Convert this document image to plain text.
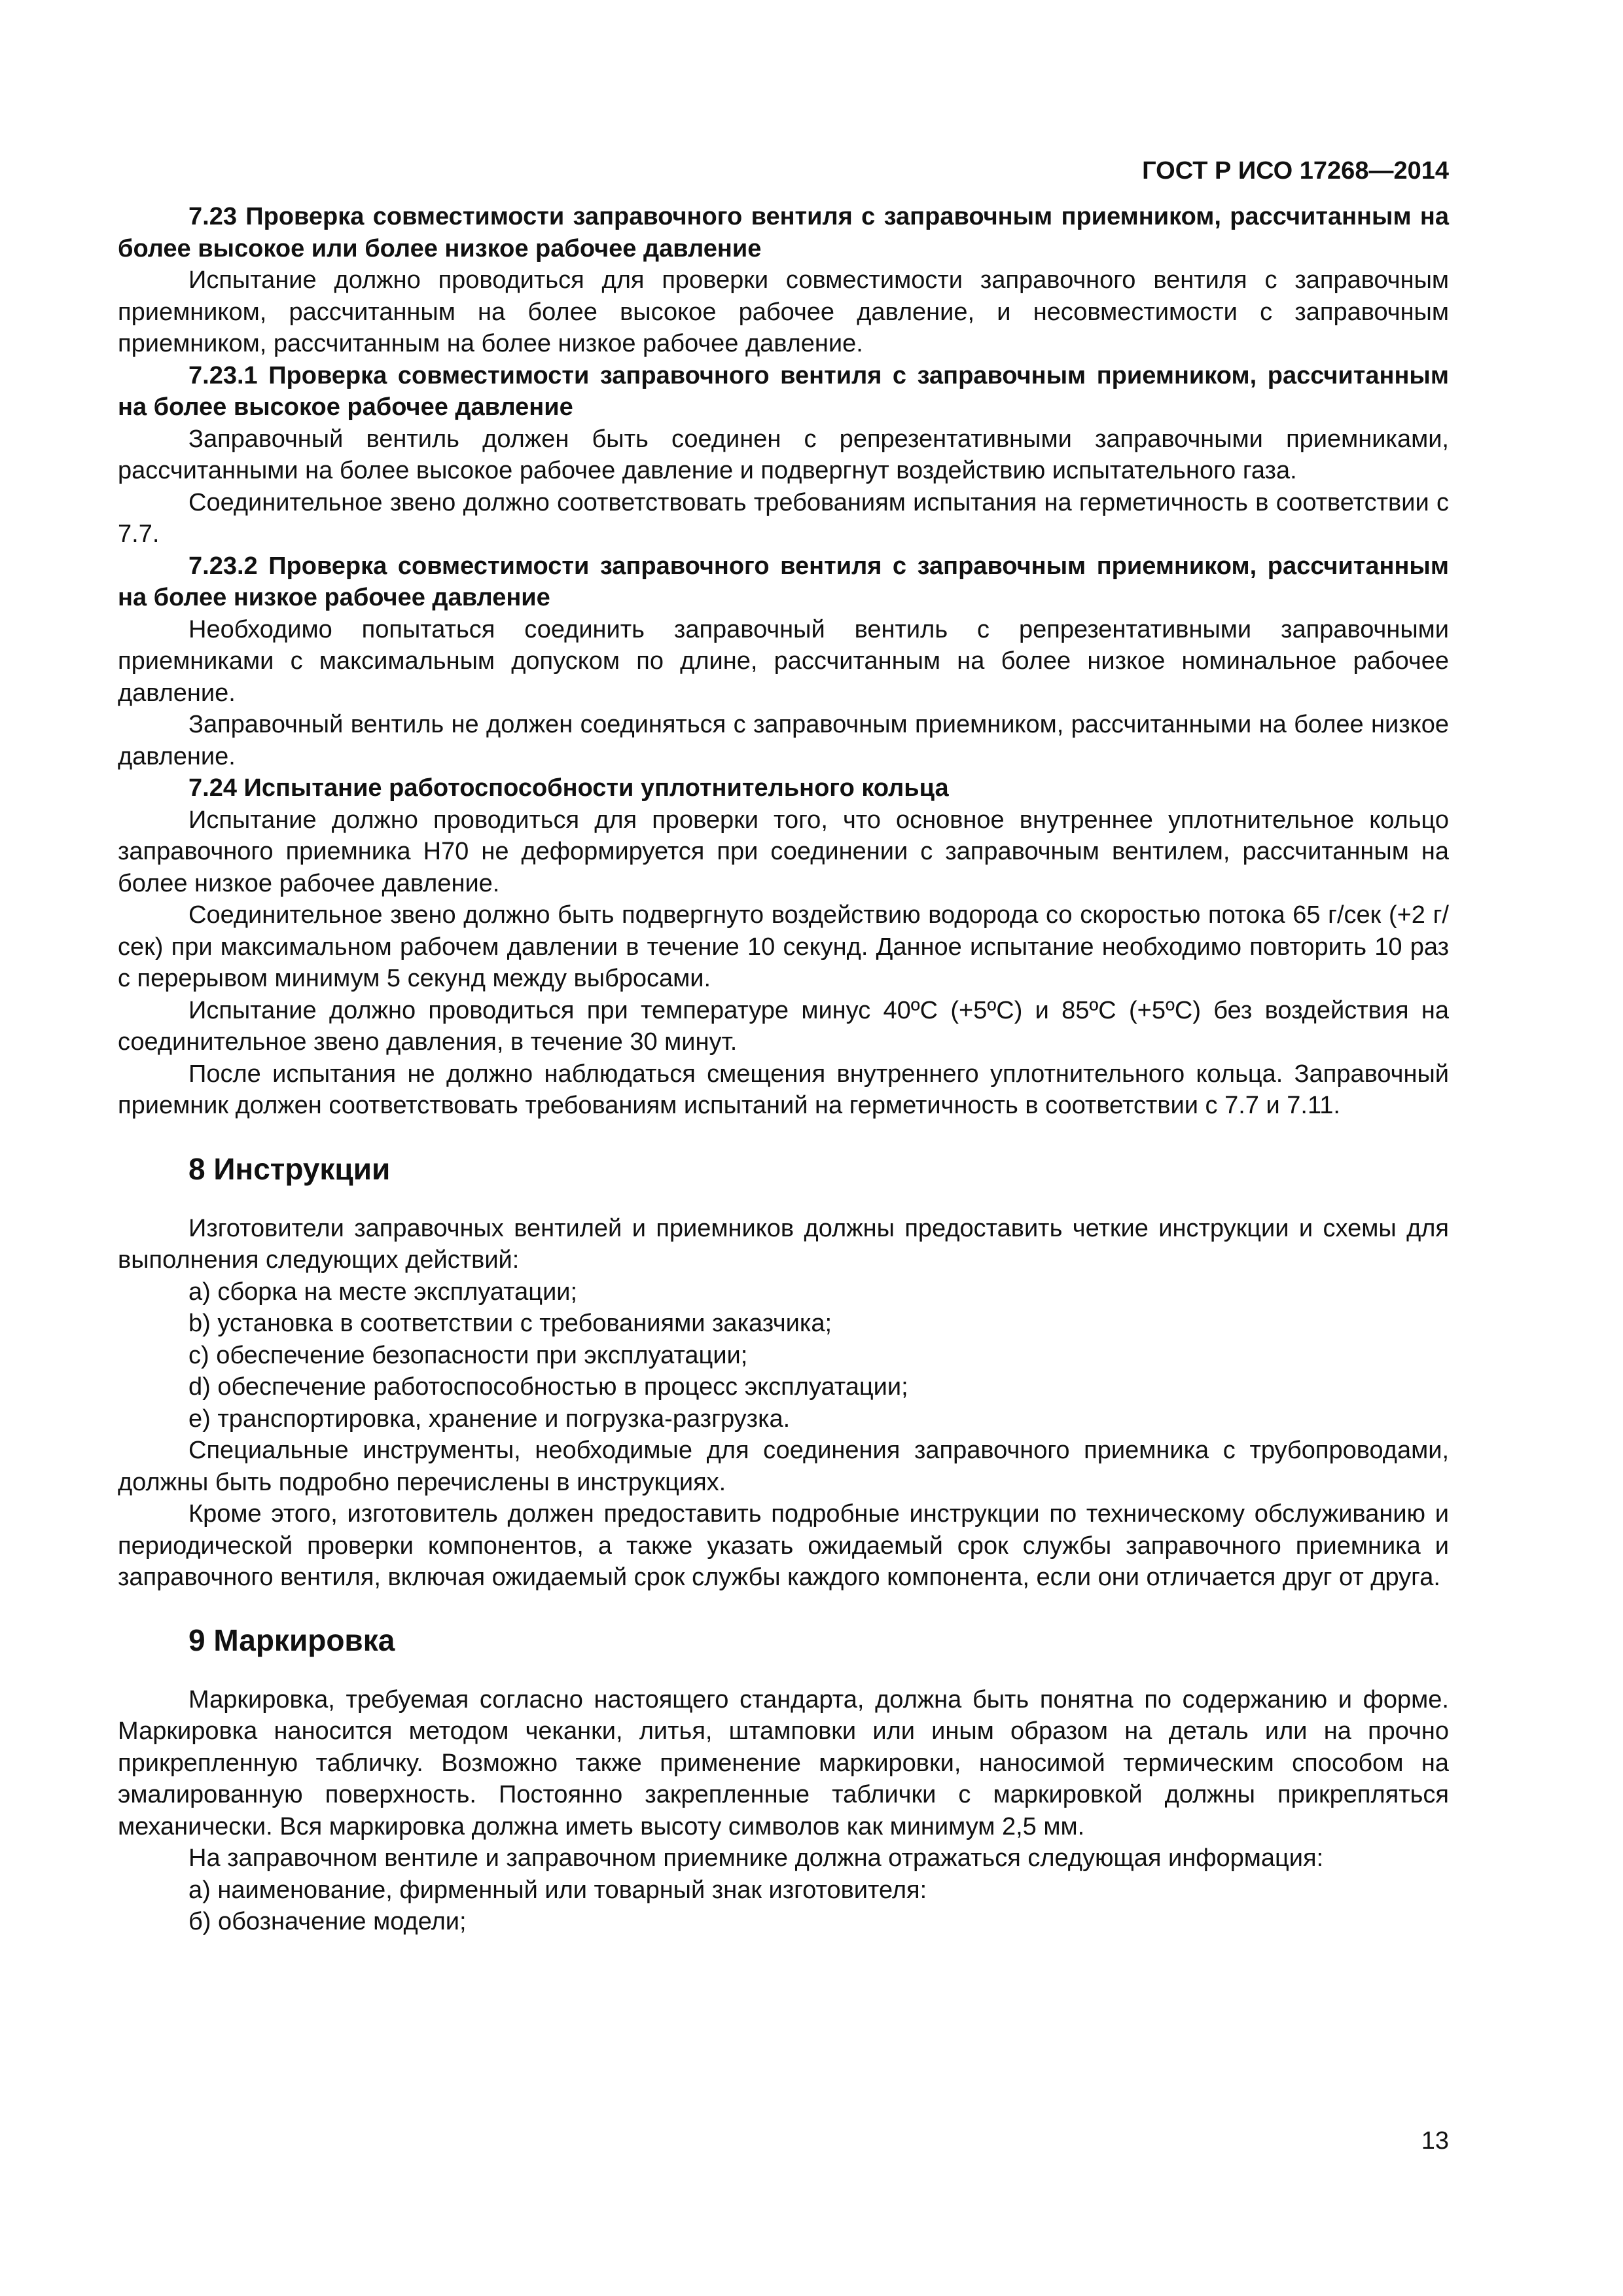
ГОСТ Р ИСО 17268—2014

7.23 Проверка совместимости заправочного вентиля с заправочным приемником, рассчитанным на более высокое или более низкое рабочее давление

Испытание должно проводиться для проверки совместимости заправочного вентиля с заправочным приемником, рассчитанным на более высокое рабочее давление, и несовместимости с заправочным приемником, рассчитанным на более низкое рабочее давление.

7.23.1 Проверка совместимости заправочного вентиля с заправочным приемником, рассчитанным на более высокое рабочее давление

Заправочный вентиль должен быть соединен с репрезентативными заправочными приемниками, рассчитанными на более высокое рабочее давление и подвергнут воздействию испытательного газа.

Соединительное звено должно соответствовать требованиям испытания на герметичность в соответствии с 7.7.

7.23.2 Проверка совместимости заправочного вентиля с заправочным приемником, рассчитанным на более низкое рабочее давление

Необходимо попытаться соединить заправочный вентиль с репрезентативными заправочными приемниками с максимальным допуском по длине, рассчитанным на более низкое номинальное рабочее давление.

Заправочный вентиль не должен соединяться с заправочным приемником, рассчитанными на более низкое давление.

7.24 Испытание работоспособности уплотнительного кольца

Испытание должно проводиться для проверки того, что основное внутреннее уплотнительное кольцо заправочного приемника Н70 не деформируется при соединении с заправочным вентилем, рассчитанным на более низкое рабочее давление.

Соединительное звено должно быть подвергнуто воздействию водорода со скоростью потока 65 г/сек (+2 г/сек) при максимальном рабочем давлении в течение 10 секунд. Данное испытание необходимо повторить 10 раз с перерывом минимум 5 секунд между выбросами.

Испытание должно проводиться при температуре минус 40ºС (+5ºС) и 85ºС (+5ºС) без воздействия на соединительное звено давления, в течение 30 минут.

После испытания не должно наблюдаться смещения внутреннего уплотнительного кольца. Заправочный приемник должен соответствовать требованиям испытаний на герметичность в соответствии с 7.7 и 7.11.

8 Инструкции

Изготовители заправочных вентилей и приемников должны предоставить четкие инструкции и схемы для выполнения следующих действий:

а) сборка на месте эксплуатации;

b) установка в соответствии с требованиями заказчика;

c) обеспечение безопасности при эксплуатации;

d) обеспечение работоспособностью в процесс эксплуатации;

е) транспортировка, хранение и погрузка-разгрузка.

Специальные инструменты, необходимые для соединения заправочного приемника с трубопроводами, должны быть подробно перечислены в инструкциях.

Кроме этого, изготовитель должен предоставить подробные инструкции по техническому обслуживанию и периодической проверки компонентов, а также указать ожидаемый срок службы заправочного приемника и заправочного вентиля, включая ожидаемый срок службы каждого компонента, если они отличается друг от друга.

9 Маркировка

Маркировка, требуемая согласно настоящего стандарта, должна быть понятна по содержанию и форме. Маркировка наносится методом чеканки, литья, штамповки или иным образом на деталь или на прочно прикрепленную табличку. Возможно также применение маркировки, наносимой термическим способом на эмалированную поверхность. Постоянно закрепленные таблички с маркировкой должны прикрепляться механически. Вся маркировка должна иметь высоту символов как минимум 2,5 мм.

На заправочном вентиле и заправочном приемнике должна отражаться следующая информация:

а) наименование, фирменный или товарный знак изготовителя:

б) обозначение модели;

13
